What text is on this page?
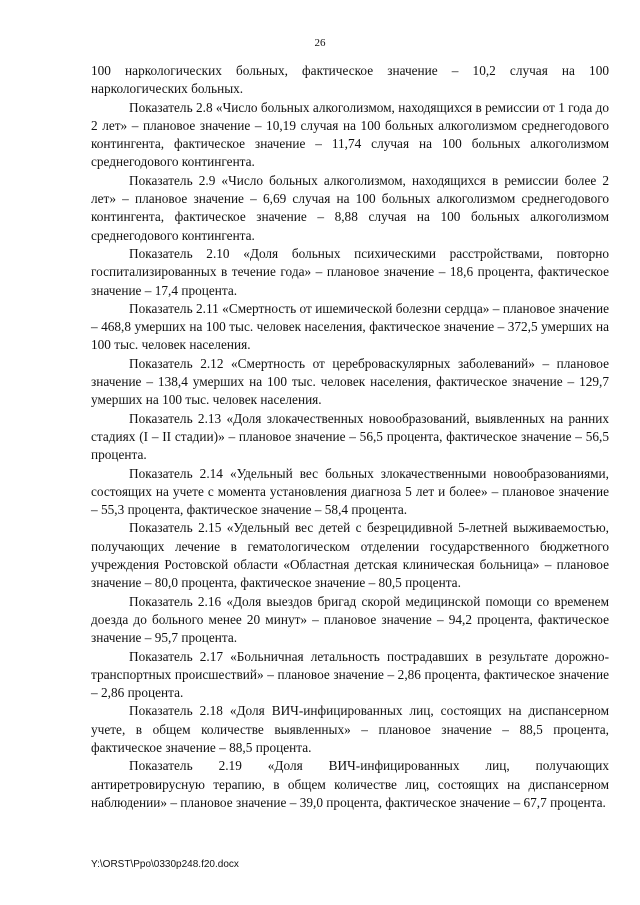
26

100 наркологических больных, фактическое значение – 10,2 случая на 100 наркологических больных.

Показатель 2.8 «Число больных алкоголизмом, находящихся в ремиссии от 1 года до 2 лет» – плановое значение – 10,19 случая на 100 больных алкоголизмом среднегодового контингента, фактическое значение – 11,74 случая на 100 больных алкоголизмом среднегодового контингента.

Показатель 2.9 «Число больных алкоголизмом, находящихся в ремиссии более 2 лет» – плановое значение – 6,69 случая на 100 больных алкоголизмом среднегодового контингента, фактическое значение – 8,88 случая на 100 больных алкоголизмом среднегодового контингента.

Показатель 2.10 «Доля больных психическими расстройствами, повторно госпитализированных в течение года» – плановое значение – 18,6 процента, фактическое значение – 17,4 процента.

Показатель 2.11 «Смертность от ишемической болезни сердца» – плановое значение – 468,8 умерших на 100 тыс. человек населения, фактическое значение – 372,5 умерших на 100 тыс. человек населения.

Показатель 2.12 «Смертность от цереброваскулярных заболеваний» – плановое значение – 138,4 умерших на 100 тыс. человек населения, фактическое значение – 129,7 умерших на 100 тыс. человек населения.

Показатель 2.13 «Доля злокачественных новообразований, выявленных на ранних стадиях (I – II стадии)» – плановое значение – 56,5 процента, фактическое значение – 56,5 процента.

Показатель 2.14 «Удельный вес больных злокачественными новообразованиями, состоящих на учете с момента установления диагноза 5 лет и более» – плановое значение – 55,3 процента, фактическое значение – 58,4 процента.

Показатель 2.15 «Удельный вес детей с безрецидивной 5-летней выживаемостью, получающих лечение в гематологическом отделении государственного бюджетного учреждения Ростовской области «Областная детская клиническая больница» – плановое значение – 80,0 процента, фактическое значение – 80,5 процента.

Показатель 2.16 «Доля выездов бригад скорой медицинской помощи со временем доезда до больного менее 20 минут» – плановое значение – 94,2 процента, фактическое значение – 95,7 процента.

Показатель 2.17 «Больничная летальность пострадавших в результате дорожно-транспортных происшествий» – плановое значение – 2,86 процента, фактическое значение – 2,86 процента.

Показатель 2.18 «Доля ВИЧ-инфицированных лиц, состоящих на диспансерном учете, в общем количестве выявленных» – плановое значение – 88,5 процента, фактическое значение – 88,5 процента.

Показатель 2.19 «Доля ВИЧ-инфицированных лиц, получающих антиретровирусную терапию, в общем количестве лиц, состоящих на диспансерном наблюдении» – плановое значение – 39,0 процента, фактическое значение – 67,7 процента.

Y:\ORST\Ppo\0330p248.f20.docx
